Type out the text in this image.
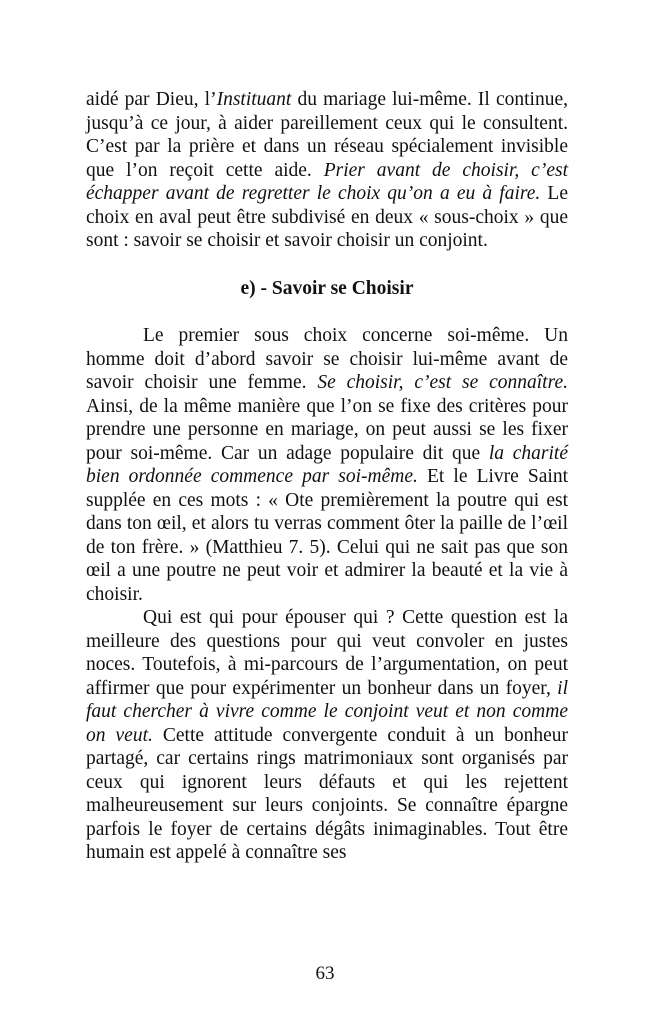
aidé par Dieu, l’Instituant du mariage lui-même. Il continue, jusqu’à ce jour, à aider pareillement ceux qui le consultent. C’est par la prière et dans un réseau spécialement invisible que l’on reçoit cette aide. Prier avant de choisir, c’est échapper avant de regretter le choix qu’on a eu à faire. Le choix en aval peut être subdivisé en deux « sous-choix » que sont : savoir se choisir et savoir choisir un conjoint.

e) - Savoir se Choisir

Le premier sous choix concerne soi-même. Un homme doit d’abord savoir se choisir lui-même avant de savoir choisir une femme. Se choisir, c’est se connaître. Ainsi, de la même manière que l’on se fixe des critères pour prendre une personne en mariage, on peut aussi se les fixer pour soi-même. Car un adage populaire dit que la charité bien ordonnée commence par soi-même. Et le Livre Saint supplée en ces mots : « Ote premièrement la poutre qui est dans ton œil, et alors tu verras comment ôter la paille de l’œil de ton frère. » (Matthieu 7. 5). Celui qui ne sait pas que son œil a une poutre ne peut voir et admirer la beauté et la vie à choisir.

Qui est qui pour épouser qui ? Cette question est la meilleure des questions pour qui veut convoler en justes noces. Toutefois, à mi-parcours de l’argumentation, on peut affirmer que pour expérimenter un bonheur dans un foyer, il faut chercher à vivre comme le conjoint veut et non comme on veut. Cette attitude convergente conduit à un bonheur partagé, car certains rings matrimoniaux sont organisés par ceux qui ignorent leurs défauts et qui les rejettent malheureusement sur leurs conjoints. Se connaître épargne parfois le foyer de certains dégâts inimaginables. Tout être humain est appelé à connaître ses

63
